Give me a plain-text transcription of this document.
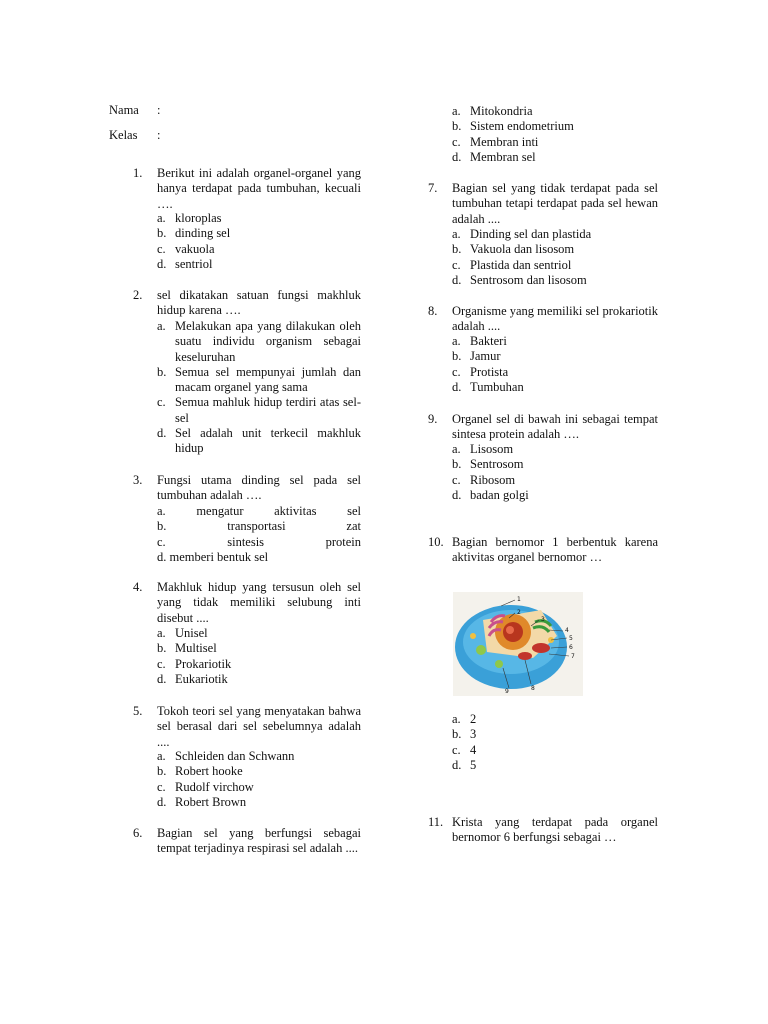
Nama :
Kelas :
1. Berikut ini adalah organel-organel yang hanya terdapat pada tumbuhan, kecuali ….
a. kloroplas
b. dinding sel
c. vakuola
d. sentriol
2. sel dikatakan satuan fungsi makhluk hidup karena ….
a. Melakukan apa yang dilakukan oleh suatu individu organism sebagai keseluruhan
b. Semua sel mempunyai jumlah dan macam organel yang sama
c. Semua mahluk hidup terdiri atas sel-sel
d. Sel adalah unit terkecil makhluk hidup
3. Fungsi utama dinding sel pada sel tumbuhan adalah ….
a. mengatur aktivitas sel
b.	transportasi zat
c.	sintesis protein
d. memberi bentuk sel
4. Makhluk hidup yang tersusun oleh sel yang tidak memiliki selubung inti disebut ....
a. Unisel
b. Multisel
c. Prokariotik
d. Eukariotik
5. Tokoh teori sel yang menyatakan bahwa sel berasal dari sel sebelumnya adalah ....
a. Schleiden dan Schwann
b. Robert hooke
c. Rudolf virchow
d. Robert Brown
6. Bagian sel yang berfungsi sebagai tempat terjadinya respirasi sel adalah ....
a. Mitokondria
b. Sistem endometrium
c. Membran inti
d. Membran sel
7. Bagian sel yang tidak terdapat pada sel tumbuhan tetapi terdapat pada sel hewan adalah ....
a. Dinding sel dan plastida
b. Vakuola dan lisosom
c. Plastida dan sentriol
d. Sentrosom dan lisosom
8. Organisme yang memiliki sel prokariotik adalah ....
a. Bakteri
b. Jamur
c. Protista
d. Tumbuhan
9. Organel sel di bawah ini sebagai tempat sintesa protein adalah ….
a. Lisosom
b. Sentrosom
c. Ribosom
d. badan golgi
10. Bagian bernomor 1 berbentuk karena aktivitas organel bernomor …
1
2
3
4
5
6
7
8
9
a. 2
b. 3
c. 4
d. 5
11. Krista yang terdapat pada organel bernomor 6 berfungsi sebagai …
